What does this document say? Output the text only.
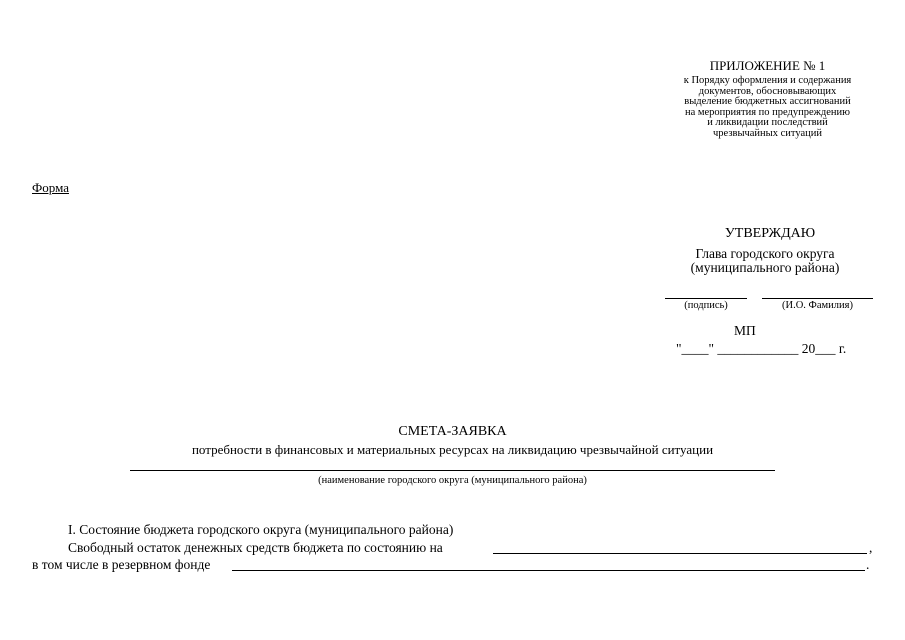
ПРИЛОЖЕНИЕ № 1
к Порядку оформления и содержания
документов, обосновывающих
выделение бюджетных ассигнований
на мероприятия по предупреждению
и ликвидации последствий
чрезвычайных ситуаций
Форма
УТВЕРЖДАЮ
Глава городского округа
(муниципального района)
(подпись)	(И.О. Фамилия)
МП
"____" ____________ 20___ г.
СМЕТА-ЗАЯВКА
потребности в финансовых и материальных ресурсах на ликвидацию чрезвычайной ситуации
(наименование городского округа (муниципального района)
I. Состояние бюджета городского округа (муниципального района)
Свободный остаток денежных средств бюджета по состоянию на	,
в том числе в резервном фонде	.
